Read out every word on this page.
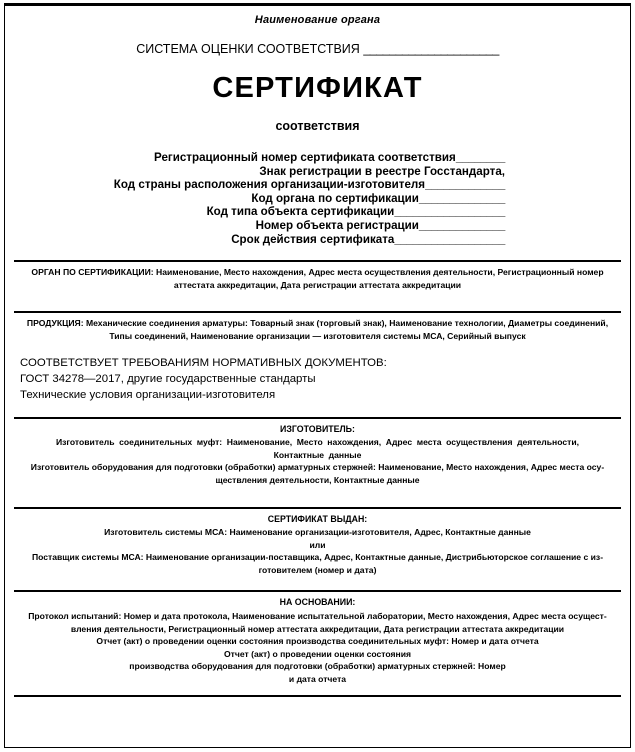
Наименование органа
СИСТЕМА ОЦЕНКИ СООТВЕТСТВИЯ _____________________
СЕРТИФИКАТ
соответствия
Регистрационный номер сертификата соответствия________
Знак регистрации в реестре Госстандарта,
Код страны расположения организации-изготовителя_____________
Код органа по сертификации______________
Код типа объекта сертификации__________________
Номер объекта регистрации______________
Срок действия сертификата__________________

ОРГАН ПО СЕРТИФИКАЦИИ: Наименование, Место нахождения, Адрес места осуществления деятельности, Регистрационный номер

аттестата аккредитации, Дата регистрации аттестата аккредитации

ПРОДУКЦИЯ: Механические соединения арматуры: Товарный знак (торговый знак), Наименование технологии, Диаметры соединений,

Типы соединений, Наименование организации — изготовителя системы МСА, Серийный выпуск

СООТВЕТСТВУЕТ ТРЕБОВАНИЯМ НОРМАТИВНЫХ ДОКУМЕНТОВ:

ГОСТ 34278—2017, другие государственные стандарты

Технические условия организации-изготовителя

ИЗГОТОВИТЕЛЬ:

Изготовитель соединительных муфт: Наименование, Место нахождения, Адрес места осуществления деятельности,

Контактные данные

Изготовитель оборудования для подготовки (обработки) арматурных стержней: Наименование, Место нахождения, Адрес места осу-

ществления деятельности, Контактные данные

СЕРТИФИКАТ ВЫДАН:

Изготовитель системы МСА: Наименование организации-изготовителя, Адрес, Контактные данные

или

Поставщик системы МСА: Наименование организации-поставщика, Адрес, Контактные данные, Дистрибьюторское соглашение с из-

готовителем (номер и дата)

НА ОСНОВАНИИ:

Протокол испытаний: Номер и дата протокола, Наименование испытательной лаборатории, Место нахождения, Адрес места осущест-

вления деятельности, Регистрационный номер аттестата аккредитации, Дата регистрации аттестата аккредитации

Отчет (акт) о проведении оценки состояния производства соединительных муфт: Номер и дата отчета

Отчет (акт) о проведении оценки состояния

производства оборудования для подготовки (обработки) арматурных стержней: Номер

и дата отчета
